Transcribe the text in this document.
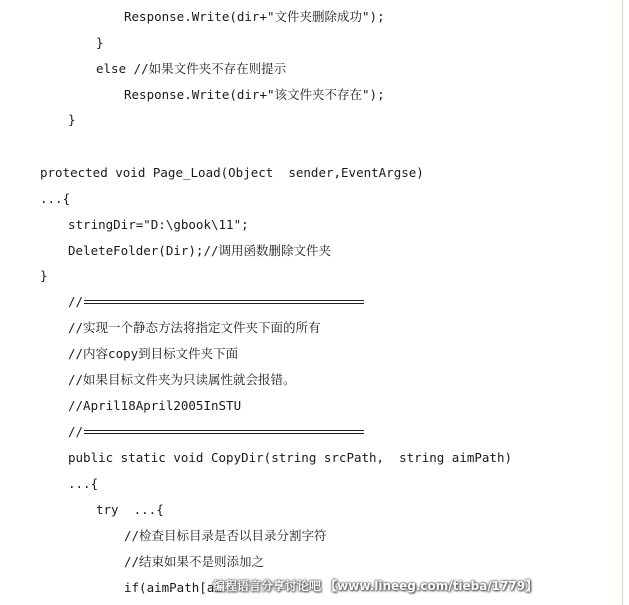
Response.Write(dir+"文件夹删除成功");
}
else //如果文件夹不存在则提示
Response.Write(dir+"该文件夹不存在");
}
protected void Page_Load(Object  sender,EventArgse)
...{
stringDir="D:\gbook\11";
DeleteFolder(Dir);//调用函数删除文件夹
}
//
//实现一个静态方法将指定文件夹下面的所有
//内容copy到目标文件夹下面
//如果目标文件夹为只读属性就会报错。
//April18April2005InSTU
//
public static void CopyDir(string srcPath,  string aimPath)
...{
try  ...{
//检查目标目录是否以目录分割字符
//结束如果不是则添加之
if(aimPath[ai
编程语言分享讨论吧 【www.lineeg.com/tieba/1779】
